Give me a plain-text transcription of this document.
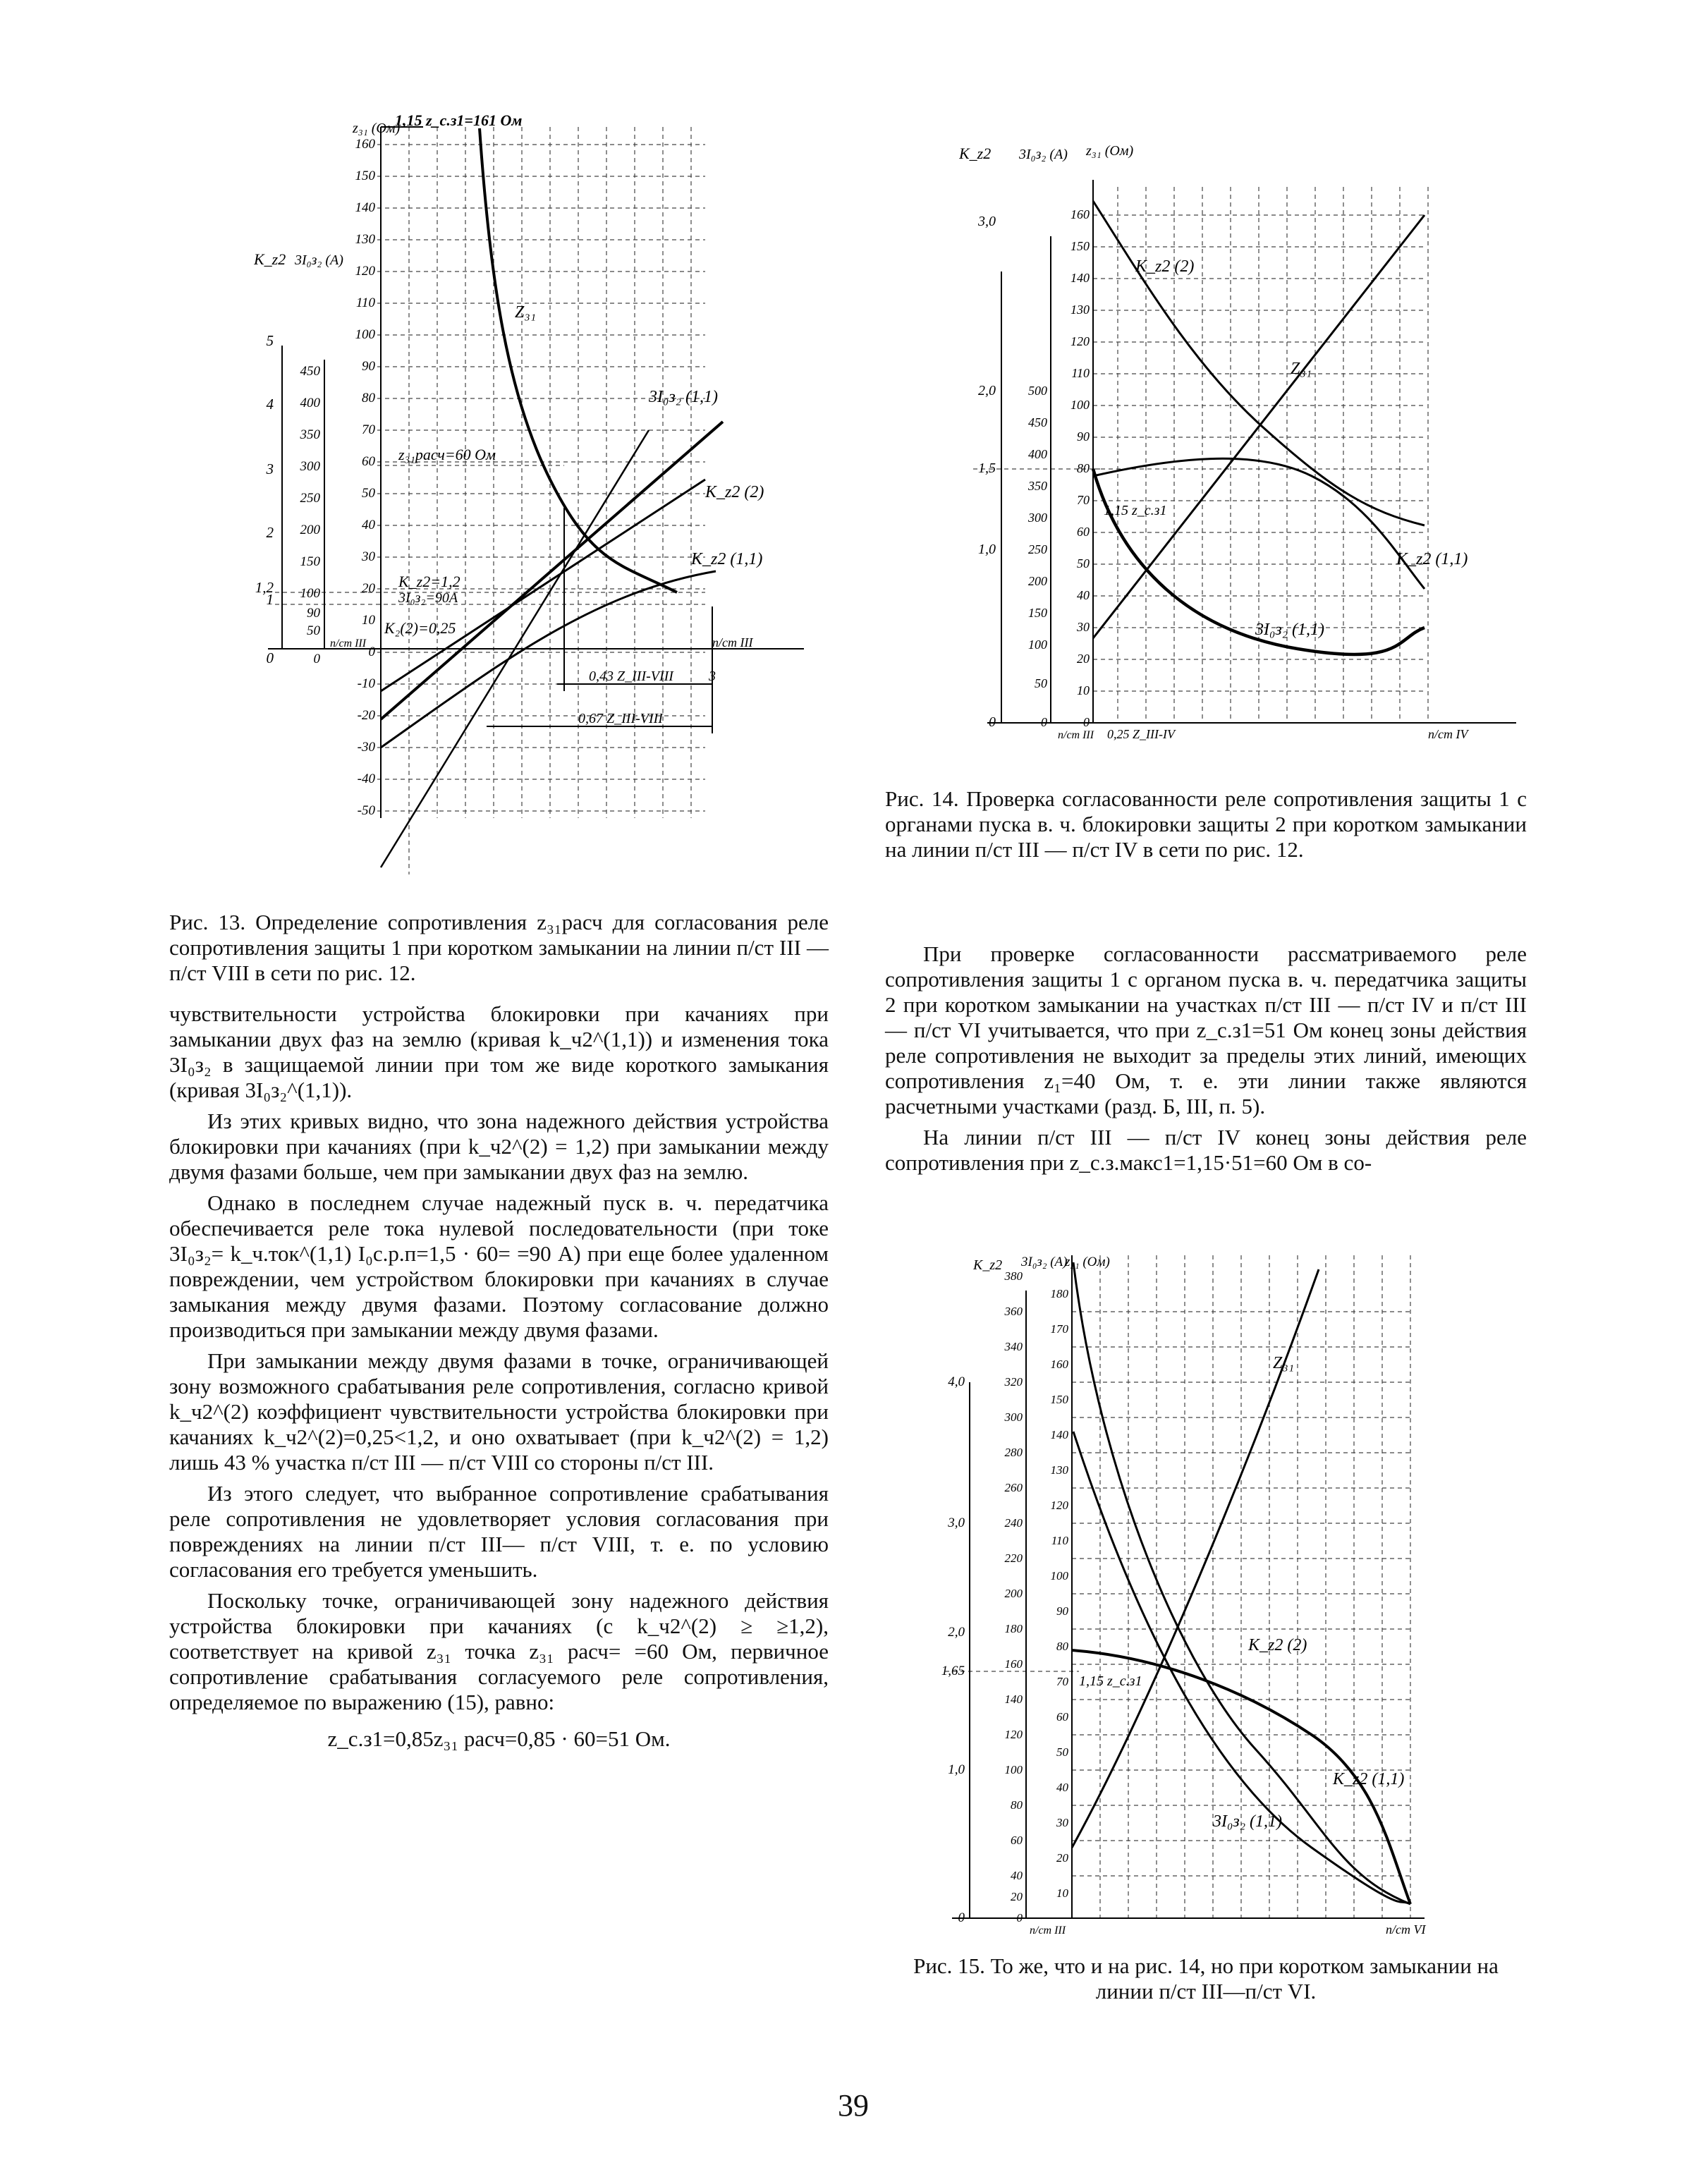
z₃₁ (Ом)
1,15 z_c.з1=161 Ом
K_z2 3I₀з₂ (А)
Z₃₁
3I₀з₂ (1,1)
K_z2 (2)
K_z2 (1,1)
z₃₁расч=60 Ом
K_z2=1,2
3I₀з₂=90А
K₂(2)=0,25
п/ст III
3
0,43 Z_III-VIII
0,67 Z_III-VIII
п/ст III
160
150
140
130
120
110
100
90
80
70
60
50
40
30
20
10
0
-10
-20
-30
-40
-50
450
400
350
300
250
200
150
100
90
50
0
5
4
3
2
1,2
1
0
Рис. 13. Определение сопротивления z₃₁расч для согласования реле сопротивления защиты 1 при коротком замыкании на линии п/ст III — п/ст VIII в сети по рис. 12.
K_z2 3I₀з₂ (А) z₃₁ (Ом)
K_z2 (2)
Z₃₁
K_z2 (1,1)
3I₀з₂ (1,1)
1,15 z_c.з1
п/ст III 0,25 Z_III-IV	п/ст IV
160
150
140
130
120
110
100
90
80
70
60
50
40
30
20
10
0
500
450
400
350
300
250
200
150
100
50
0
3,0
2,0
1,5
1,0
0
Рис. 14. Проверка согласованности реле сопротивления защиты 1 с органами пуска в. ч. блокировки защиты 2 при коротком замыкании на линии п/ст III — п/ст IV в сети по рис. 12.

При проверке согласованности рассматриваемого реле сопротивления защиты 1 с органом пуска в. ч. передатчика защиты 2 при коротком замыкании на участках п/ст III — п/ст IV и п/ст III — п/ст VI учитывается, что при z_с.з1=51 Ом конец зоны действия реле сопротивления не выходит за пределы этих линий, имеющих сопротивления z₁=40 Ом, т. е. эти линии также являются расчетными участками (разд. Б, III, п. 5).

На линии п/ст III — п/ст IV конец зоны действия реле сопротивления при z_с.з.макс1=1,15·51=60 Ом в со-

K_z2 3I₀з₂ (А)
z₃₁ (Ом)
Z₃₁
K_z2 (2)
K_z2 (1,1)
3I₀з₂ (1,1)
1,15 z_c.з1
п/ст III	п/ст VI
380
360
340
320
300
280
260
240
220
200
180
160
140
120
100
80
60
40
20
0
180
170
160
150
140
130
120
110
100
90
80
70
60
50
40
30
20
10
4,0
3,0
2,0
1,65
1,0
0
Рис. 15. То же, что и на рис. 14, но при коротком замыкании на линии п/ст III—п/ст VI.

чувствительности устройства блокировки при качаниях при замыкании двух фаз на землю (кривая k_ч2^(1,1)) и изменения тока 3I₀з₂ в защищаемой линии при том же виде короткого замыкания (кривая 3I₀з₂^(1,1)).

Из этих кривых видно, что зона надежного действия устройства блокировки при качаниях (при k_ч2^(2) = 1,2) при замыкании между двумя фазами больше, чем при замыкании двух фаз на землю.

Однако в последнем случае надежный пуск в. ч. передатчика обеспечивается реле тока нулевой последовательности (при токе 3I₀з₂= k_ч.ток^(1,1) I₀с.р.п=1,5 · 60= =90 А) при еще более удаленном повреждении, чем устройством блокировки при качаниях в случае замыкания между двумя фазами. Поэтому согласование должно производиться при замыкании между двумя фазами.

При замыкании между двумя фазами в точке, ограничивающей зону возможного срабатывания реле сопротивления, согласно кривой k_ч2^(2) коэффициент чувствительности устройства блокировки при качаниях k_ч2^(2)=0,25<1,2, и оно охватывает (при k_ч2^(2) = 1,2) лишь 43 % участка п/ст III — п/ст VIII со стороны п/ст III.

Из этого следует, что выбранное сопротивление срабатывания реле сопротивления не удовлетворяет условия согласования при повреждениях на линии п/ст III— п/ст VIII, т. е. по условию согласования его требуется уменьшить.

Поскольку точке, ограничивающей зону надежного действия устройства блокировки при качаниях (с k_ч2^(2) ≥ ≥1,2), соответствует на кривой z₃₁ точка z₃₁ расч= =60 Ом, первичное сопротивление срабатывания согласуемого реле сопротивления, определяемое по выражению (15), равно:

z_с.з1=0,85z₃₁ расч=0,85 · 60=51 Ом.

39
